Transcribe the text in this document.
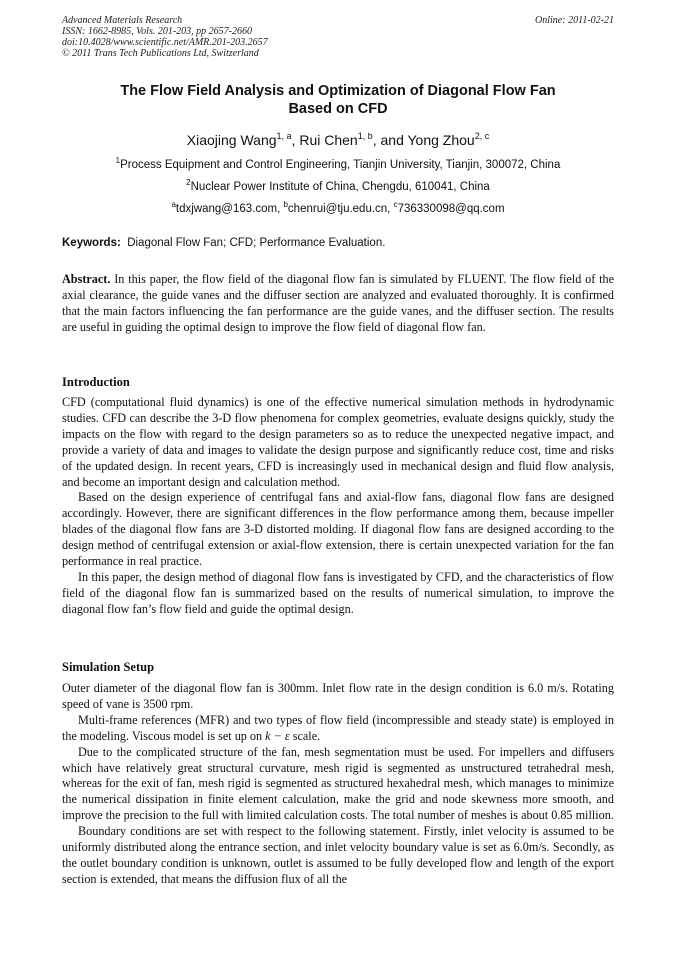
Advanced Materials Research
ISSN: 1662-8985, Vols. 201-203, pp 2657-2660
doi:10.4028/www.scientific.net/AMR.201-203.2657
© 2011 Trans Tech Publications Ltd, Switzerland
Online: 2011-02-21
The Flow Field Analysis and Optimization of Diagonal Flow Fan
Based on CFD
Xiaojing Wang$^{1, a}$, Rui Chen$^{1, b}$, and Yong Zhou$^{2, c}$
$^1$Process Equipment and Control Engineering, Tianjin University, Tianjin, 300072, China
$^2$Nuclear Power Institute of China, Chengdu, 610041, China
$^a$tdxjwang@163.com, $^b$chenrui@tju.edu.cn, $^c$736330098@qq.com
Keywords: Diagonal Flow Fan; CFD; Performance Evaluation.
Abstract. In this paper, the flow field of the diagonal flow fan is simulated by FLUENT. The flow field of the axial clearance, the guide vanes and the diffuser section are analyzed and evaluated thoroughly. It is confirmed that the main factors influencing the fan performance are the guide vanes, and the diffuser section. The results are useful in guiding the optimal design to improve the flow field of diagonal flow fan.
Introduction
CFD (computational fluid dynamics) is one of the effective numerical simulation methods in hydrodynamic studies. CFD can describe the 3-D flow phenomena for complex geometries, evaluate designs quickly, study the impacts on the flow with regard to the design parameters so as to reduce the unexpected negative impact, and provide a variety of data and images to validate the design purpose and significantly reduce cost, time and risks of the updated design. In recent years, CFD is increasingly used in mechanical design and fluid flow analysis, and become an important design and calculation method.
Based on the design experience of centrifugal fans and axial-flow fans, diagonal flow fans are designed accordingly. However, there are significant differences in the flow performance among them, because impeller blades of the diagonal flow fans are 3-D distorted molding. If diagonal flow fans are designed according to the design method of centrifugal extension or axial-flow extension, there is certain unexpected variation for the fan performance in real practice.
In this paper, the design method of diagonal flow fans is investigated by CFD, and the characteristics of flow field of the diagonal flow fan is summarized based on the results of numerical simulation, to improve the diagonal flow fan’s flow field and guide the optimal design.
Simulation Setup
Outer diameter of the diagonal flow fan is 300mm. Inlet flow rate in the design condition is 6.0 m/s. Rotating speed of vane is 3500 rpm.
Multi-frame references (MFR) and two types of flow field (incompressible and steady state) is employed in the modeling. Viscous model is set up on k − ε scale.
Due to the complicated structure of the fan, mesh segmentation must be used. For impellers and diffusers which have relatively great structural curvature, mesh rigid is segmented as unstructured tetrahedral mesh, whereas for the exit of fan, mesh rigid is segmented as structured hexahedral mesh, which manages to minimize the numerical dissipation in finite element calculation, make the grid and node skewness more smooth, and improve the precision to the full with limited calculation costs. The total number of meshes is about 0.85 million.
Boundary conditions are set with respect to the following statement. Firstly, inlet velocity is assumed to be uniformly distributed along the entrance section, and inlet velocity boundary value is set as 6.0m/s. Secondly, as the outlet boundary condition is unknown, outlet is assumed to be fully developed flow and length of the export section is extended, that means the diffusion flux of all the
